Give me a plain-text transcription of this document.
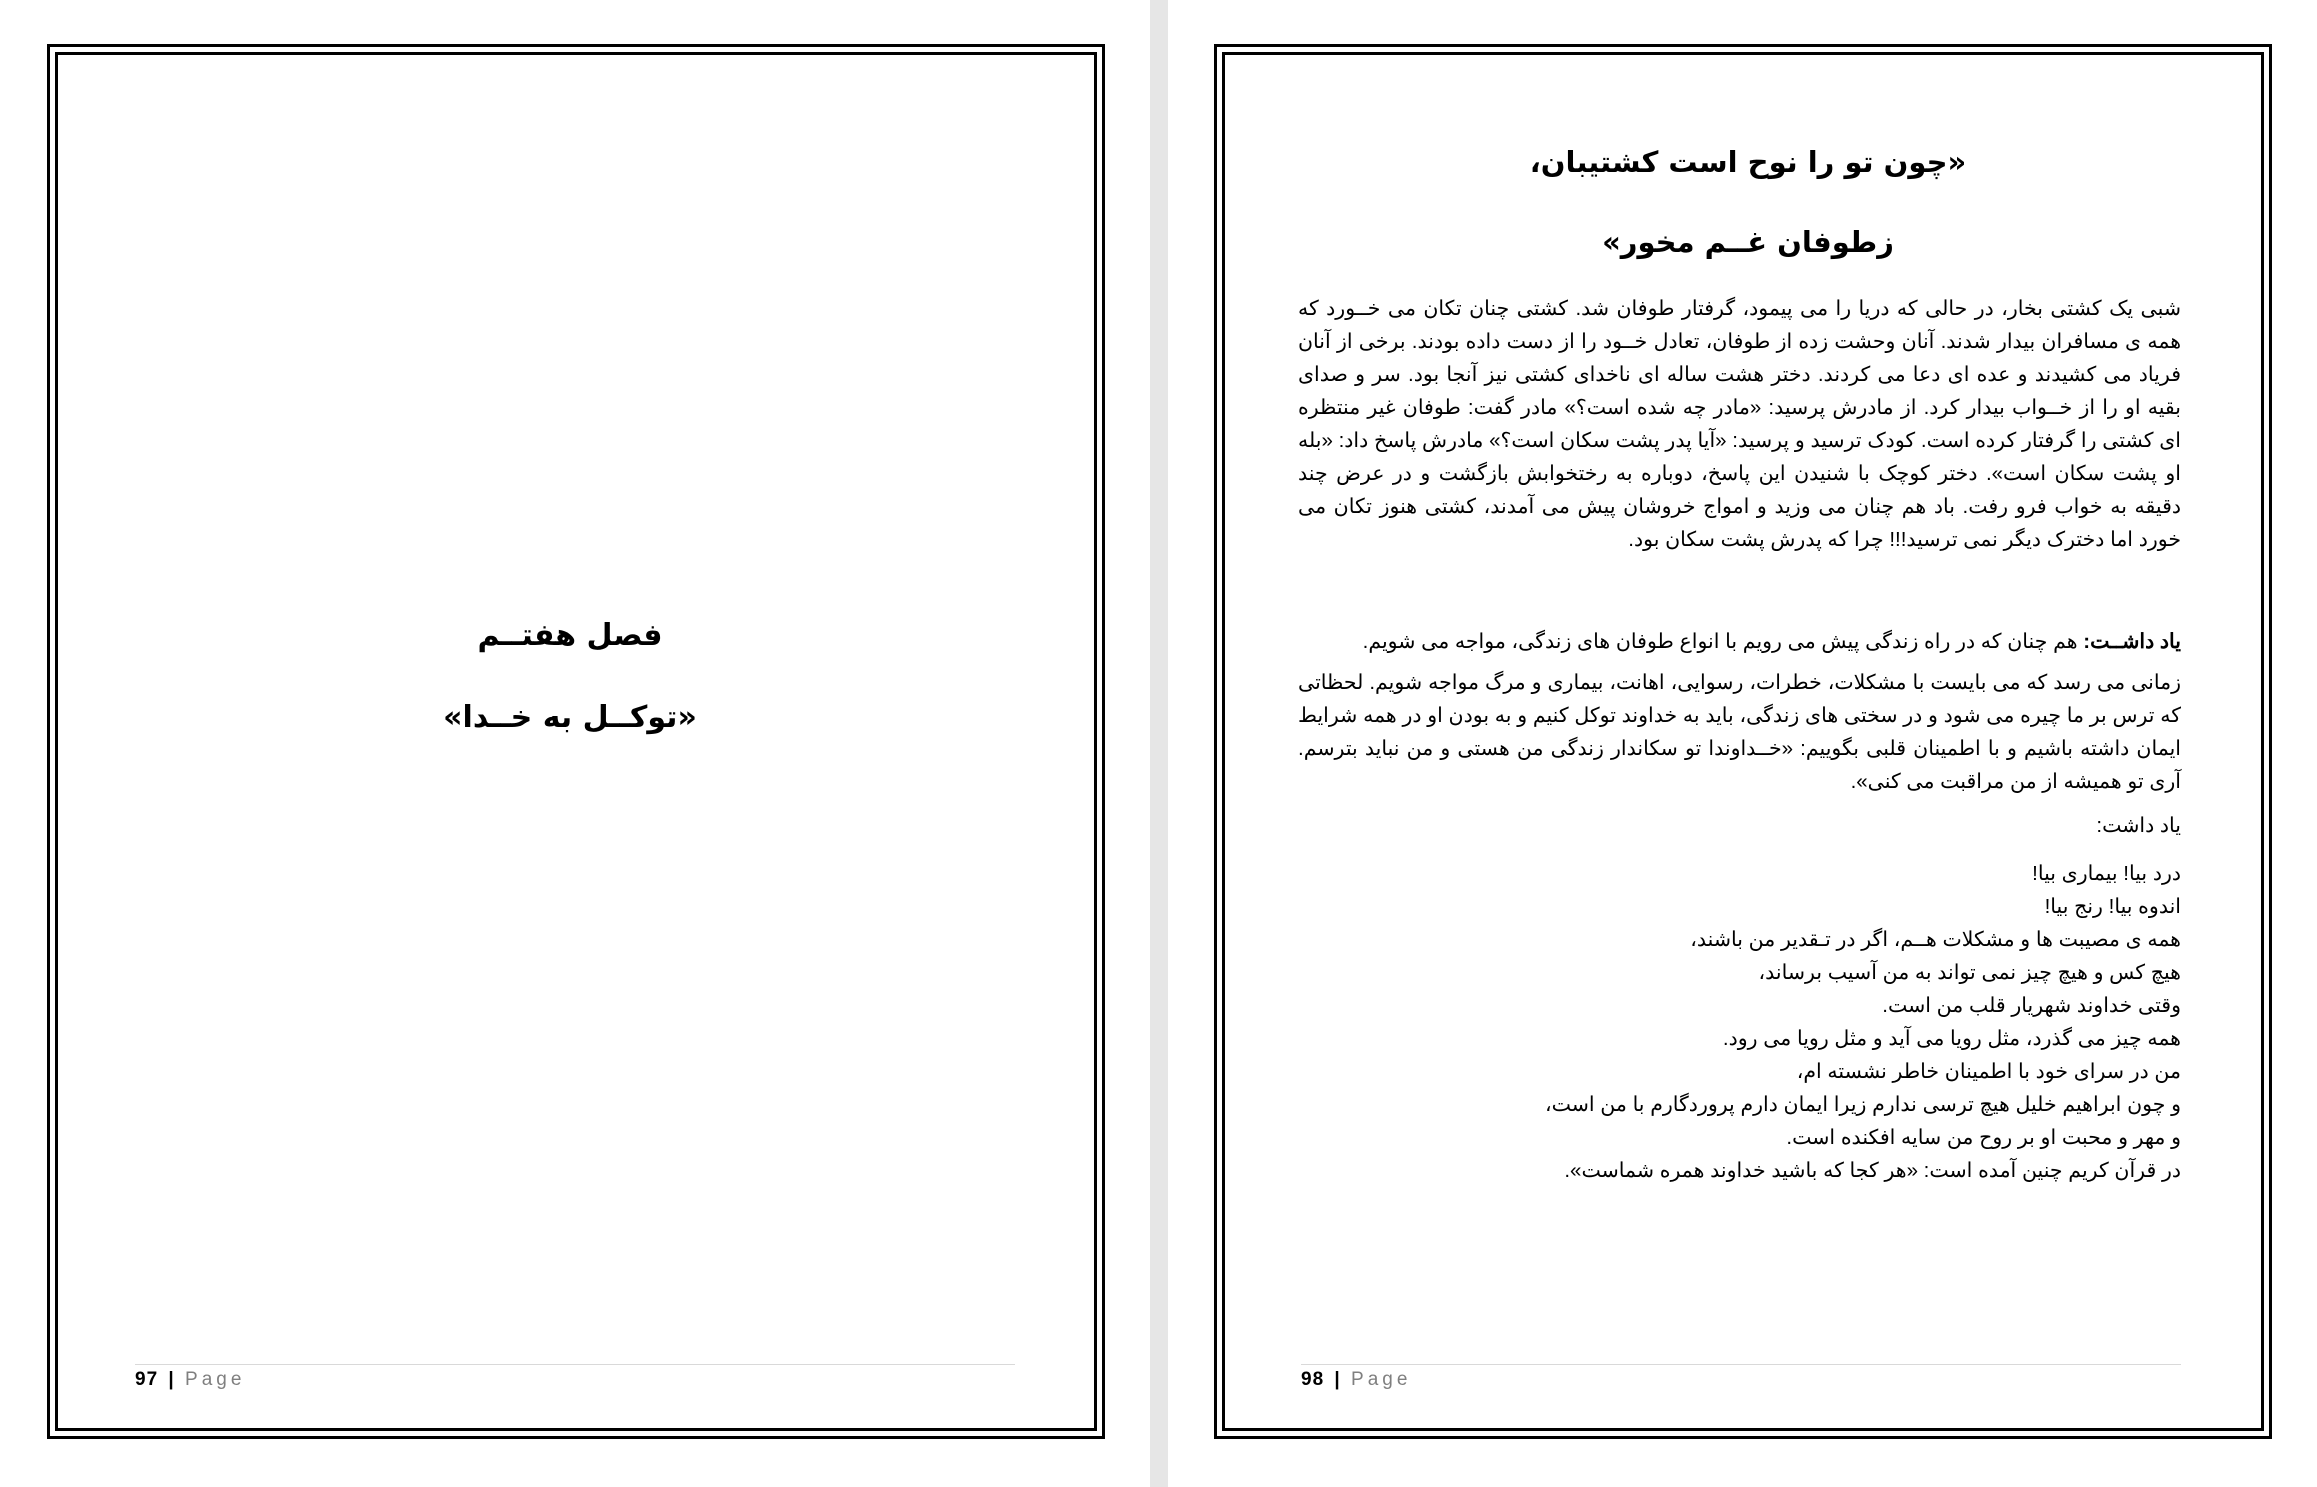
فصل هفتــم
«توکــل به خــدا»
97 | Page
«چون تو را نوح است کشتیبان،
زطوفان غــم مخور»
شبی یک کشتی بخار، در حالی که دریا را می پیمود، گرفتار طوفان شد. کشتی چنان تکان می خــورد که همه ی مسافران بیدار شدند. آنان وحشت زده از طوفان، تعادل خــود را از دست داده بودند. برخی از آنان فریاد می کشیدند و عده ای دعا می کردند. دختر هشت ساله ای ناخدای کشتی نیز آنجا بود. سر و صدای بقیه او را از خــواب بیدار کرد. از مادرش پرسید: «مادر چه شده است؟» مادر گفت: طوفان غیر منتظره ای کشتی را گرفتار کرده است. کودک ترسید و پرسید: «آیا پدر پشت سکان است؟» مادرش پاسخ داد: «بله او پشت سکان است». دختر کوچک با شنیدن این پاسخ، دوباره به رختخوابش بازگشت و در عرض چند دقیقه به خواب فرو رفت. باد هم چنان می وزید و امواج خروشان پیش می آمدند، کشتی هنوز تکان می خورد اما دخترک دیگر نمی ترسید!!! چرا که پدرش پشت سکان بود.
یاد داشــت: هم چنان که در راه زندگی پیش می رویم با انواع طوفان های زندگی، مواجه می شویم.
زمانی می رسد که می بایست با مشکلات، خطرات، رسوایی، اهانت، بیماری و مرگ مواجه شویم. لحظاتی که ترس بر ما چیره می شود و در سختی های زندگی، باید به خداوند توکل کنیم و به بودن او در همه شرایط ایمان داشته باشیم و با اطمینان قلبی بگوییم: «خــداوندا تو سکاندار زندگی من هستی و من نباید بترسم. آری تو همیشه از من مراقبت می کنی».
یاد داشت:
درد بیا! بیماری بیا!
اندوه بیا! رنج بیا!
همه ی مصیبت ها و مشکلات هــم، اگر در تـقدیر من باشند،
هیچ کس و هیچ چیز نمی تواند به من آسیب برساند،
وقتی خداوند شهریار قلب من است.
همه چیز می گذرد، مثل رویا می آید و مثل رویا می رود.
من در سرای خود با اطمینان خاطر نشسته ام،
و چون ابراهیم خلیل هیچ ترسی ندارم زیرا ایمان دارم پروردگارم با من است،
و مهر و محبت او بر روح من سایه افکنده است.
در قرآن کریم چنین آمده است: «هر کجا که باشید خداوند همره شماست».
98 | Page
